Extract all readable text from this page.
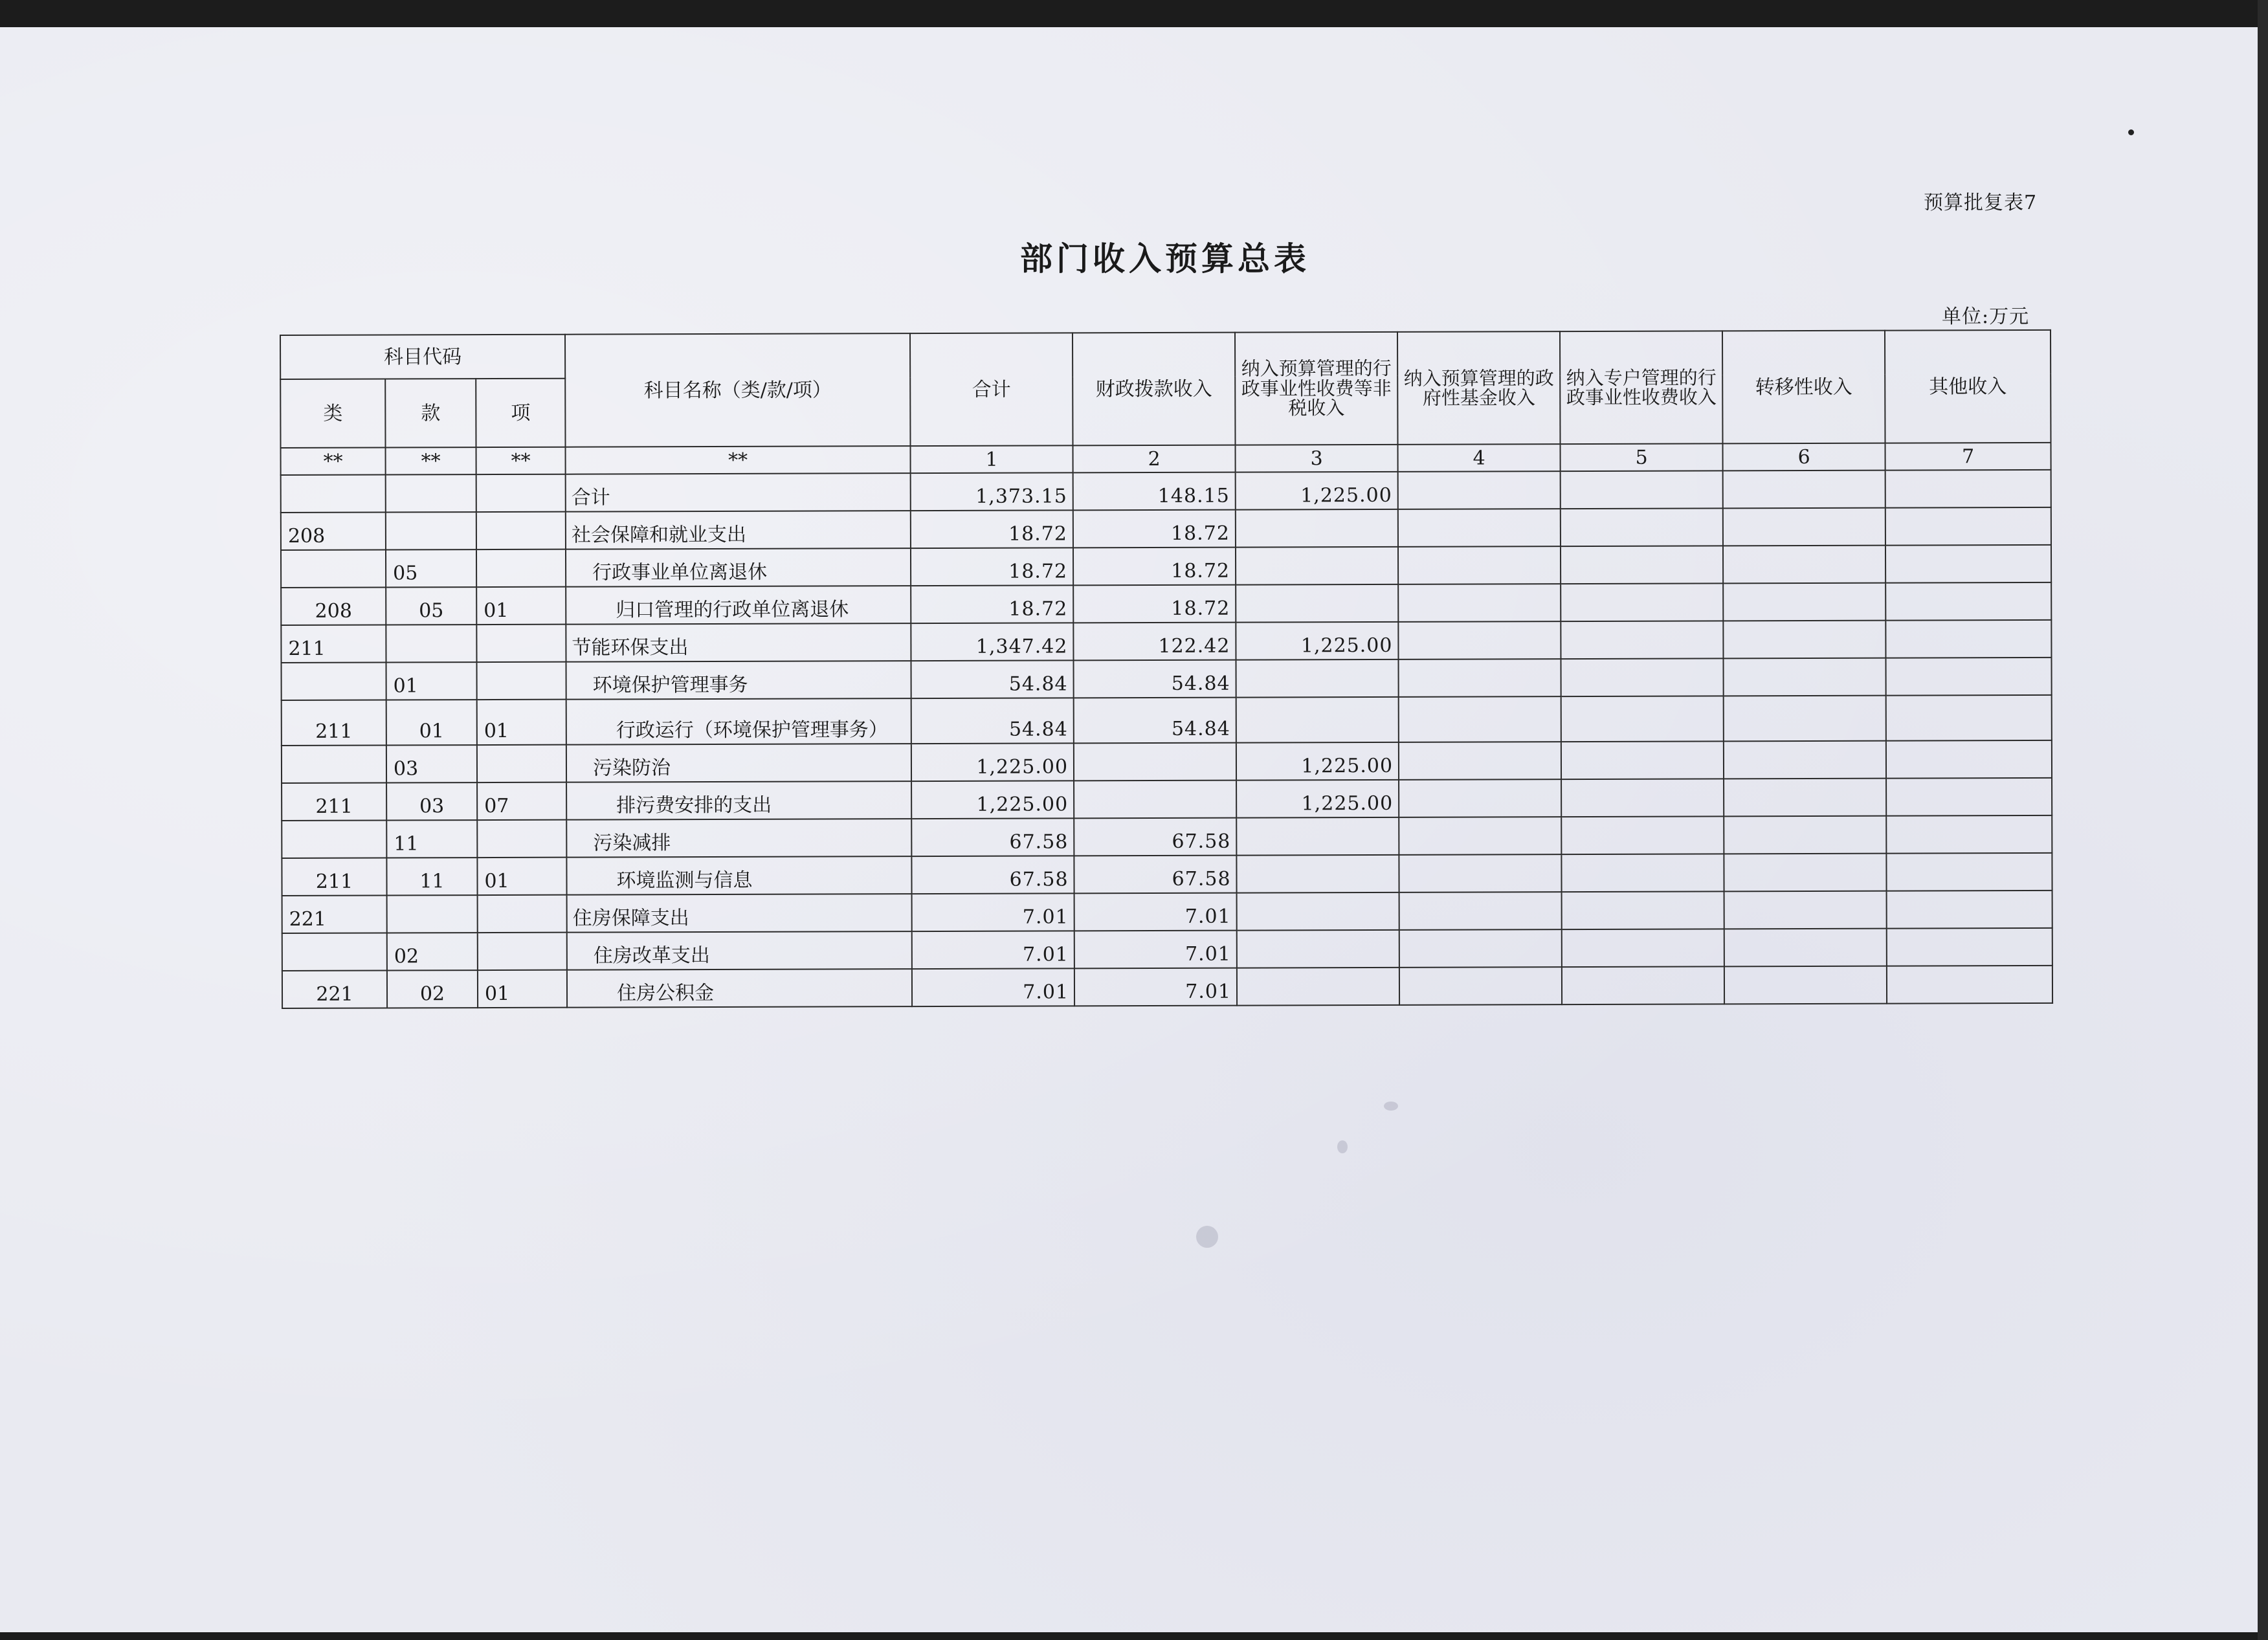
预算批复表7
部门收入预算总表
单位:万元
科目代码			科目名称（类/款/项）	合计	财政拨款收入	纳入预算管理的行政事业性收费等非税收入	纳入预算管理的政府性基金收入	纳入专户管理的行政事业性收费收入	转移性收入	其他收入
类	款	项								
**	**	**	**	1	2	3	4	5	6	7
			合计	1,373.15	148.15	1,225.00				
208			社会保障和就业支出	18.72	18.72					
	05		行政事业单位离退休	18.72	18.72					
208	05	01	归口管理的行政单位离退休	18.72	18.72					
211			节能环保支出	1,347.42	122.42	1,225.00				
	01		环境保护管理事务	54.84	54.84					
211	01	01	行政运行（环境保护管理事务）	54.84	54.84					
	03		污染防治	1,225.00		1,225.00				
211	03	07	排污费安排的支出	1,225.00		1,225.00				
	11		污染减排	67.58	67.58					
211	11	01	环境监测与信息	67.58	67.58					
221			住房保障支出	7.01	7.01					
	02		住房改革支出	7.01	7.01					
221	02	01	住房公积金	7.01	7.01					
